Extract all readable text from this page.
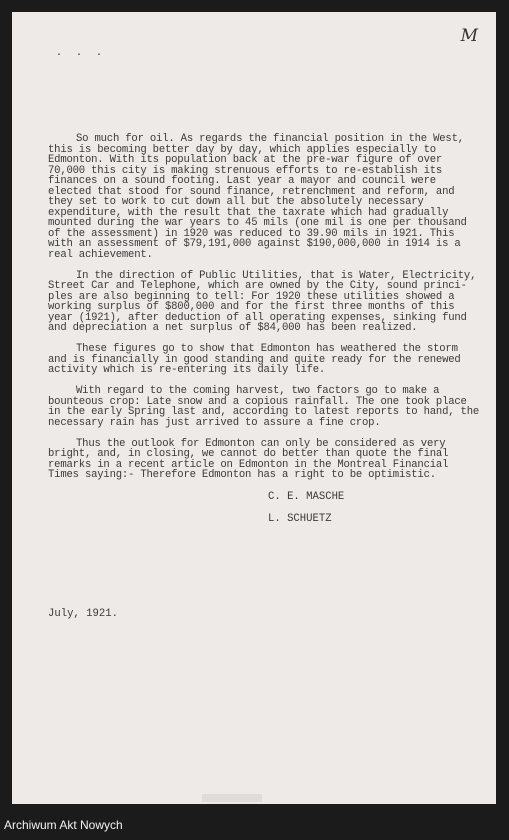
. . .
M

So much for oil. As regards the financial position in the West,
this is becoming better day by day, which applies especially to
Edmonton. With its population back at the pre-war figure of over
70,000 this city is making strenuous efforts to re-establish its
finances on a sound footing. Last year a mayor and council were
elected that stood for sound finance, retrenchment and reform, and
they set to work to cut down all but the absolutely necessary
expenditure, with the result that the taxrate which had gradually
mounted during the war years to 45 mils (one mil is one per thousand
of the assessment) in 1920 was reduced to 39.90 mils in 1921. This
with an assessment of $79,191,000 against $190,000,000 in 1914 is a
real achievement.

In the direction of Public Utilities, that is Water, Electricity,
Street Car and Telephone, which are owned by the City, sound princi-
ples are also beginning to tell: For 1920 these utilities showed a
working surplus of $800,000 and for the first three months of this
year (1921), after deduction of all operating expenses, sinking fund
and depreciation a net surplus of $84,000 has been realized.

These figures go to show that Edmonton has weathered the storm
and is financially in good standing and quite ready for the renewed
activity which is re-entering its daily life.

With regard to the coming harvest, two factors go to make a
bounteous crop: Late snow and a copious rainfall. The one took place
in the early Spring last and, according to latest reports to hand, the
necessary rain has just arrived to assure a fine crop.

Thus the outlook for Edmonton can only be considered as very
bright, and, in closing, we cannot do better than quote the final
remarks in a recent article on Edmonton in the Montreal Financial
Times saying:- Therefore Edmonton has a right to be optimistic.

C. E. MASCHE
L. SCHUETZ
July, 1921.
Archiwum Akt Nowych
